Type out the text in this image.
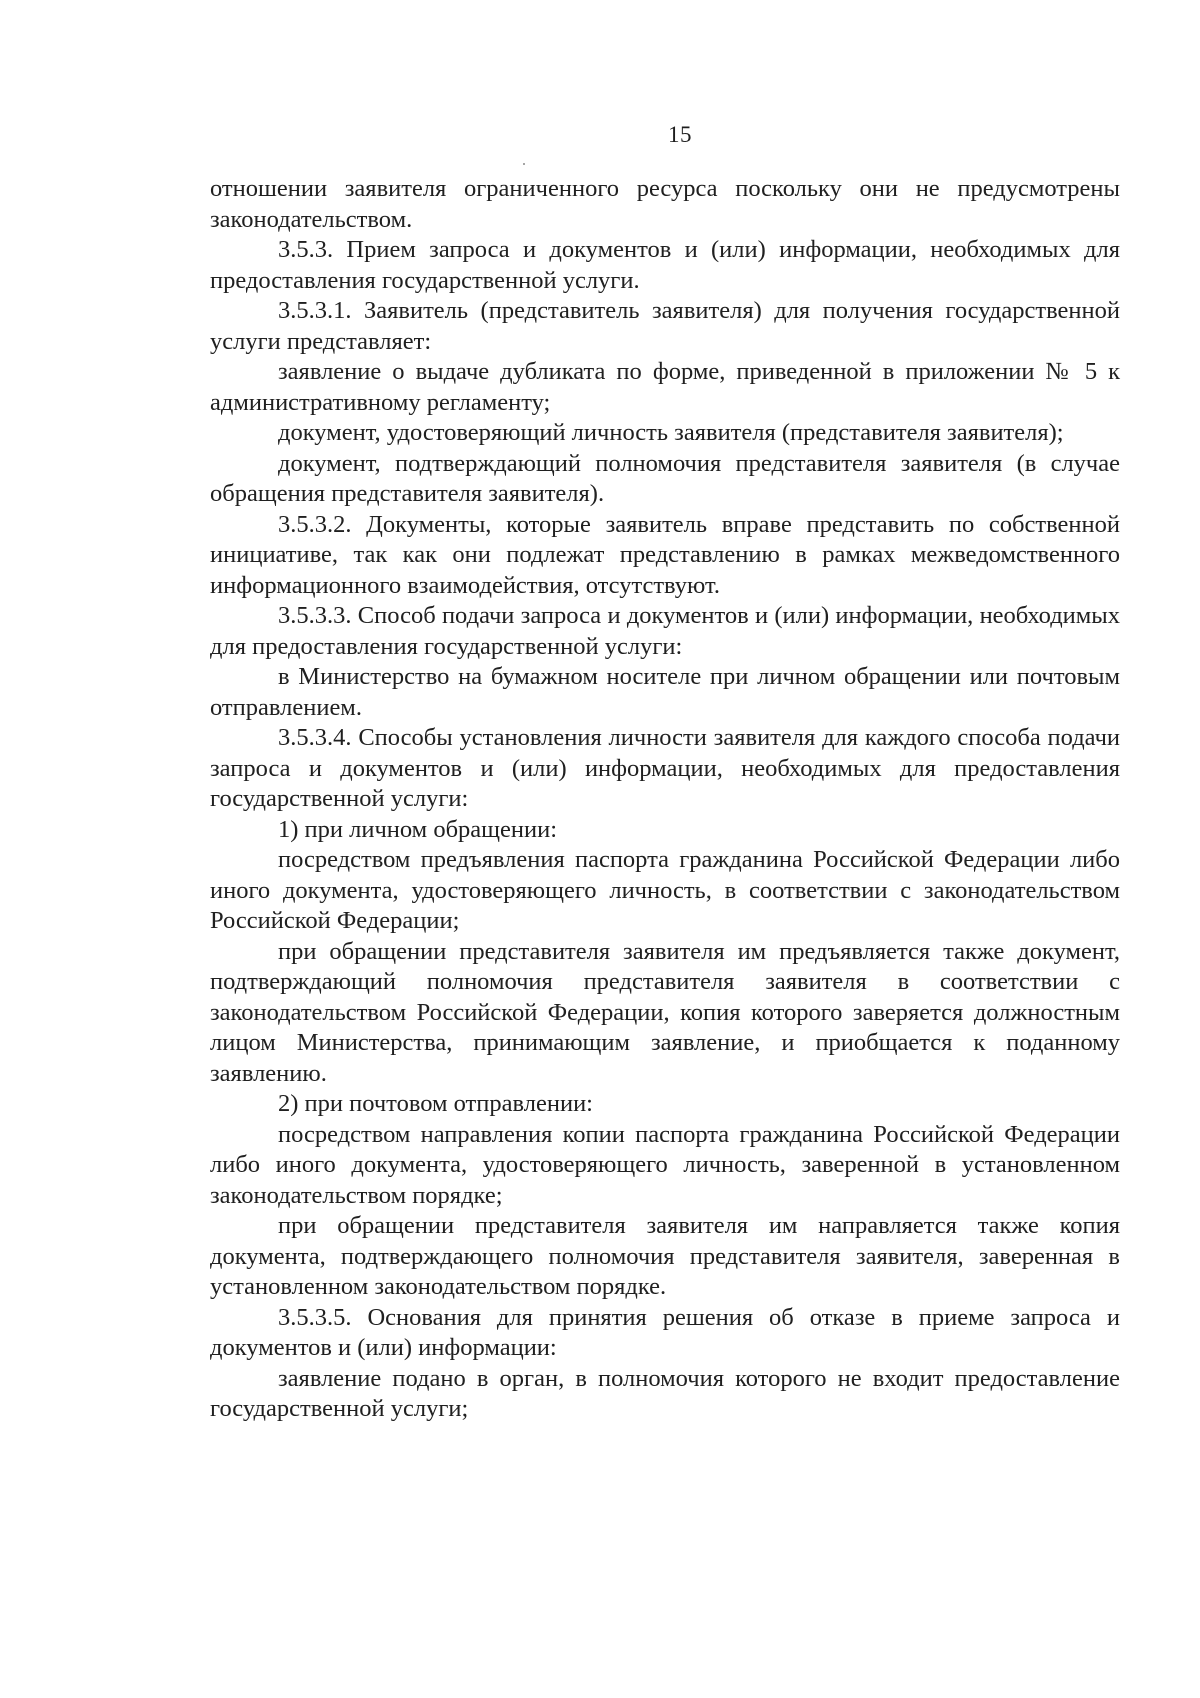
15

отношении заявителя ограниченного ресурса поскольку они не предусмотрены законодательством.

3.5.3. Прием запроса и документов и (или) информации, необходимых для предоставления государственной услуги.

3.5.3.1. Заявитель (представитель заявителя) для получения государственной услуги представляет:

заявление о выдаче дубликата по форме, приведенной в приложении № 5 к административному регламенту;

документ, удостоверяющий личность заявителя (представителя заявителя);

документ, подтверждающий полномочия представителя заявителя (в случае обращения представителя заявителя).

3.5.3.2. Документы, которые заявитель вправе представить по собственной инициативе, так как они подлежат представлению в рамках межведомственного информационного взаимодействия, отсутствуют.

3.5.3.3. Способ подачи запроса и документов и (или) информации, необходимых для предоставления государственной услуги:

в Министерство на бумажном носителе при личном обращении или почтовым отправлением.

3.5.3.4. Способы установления личности заявителя для каждого способа подачи запроса и документов и (или) информации, необходимых для предоставления государственной услуги:

1) при личном обращении:

посредством предъявления паспорта гражданина Российской Федерации либо иного документа, удостоверяющего личность, в соответствии с законодательством Российской Федерации;

при обращении представителя заявителя им предъявляется также документ, подтверждающий полномочия представителя заявителя в соответствии с законодательством Российской Федерации, копия которого заверяется должностным лицом Министерства, принимающим заявление, и приобщается к поданному заявлению.

2) при почтовом отправлении:

посредством направления копии паспорта гражданина Российской Федерации либо иного документа, удостоверяющего личность, заверенной в установленном законодательством порядке;

при обращении представителя заявителя им направляется также копия документа, подтверждающего полномочия представителя заявителя, заверенная в установленном законодательством порядке.

3.5.3.5. Основания для принятия решения об отказе в приеме запроса и документов и (или) информации:

заявление подано в орган, в полномочия которого не входит предоставление государственной услуги;
